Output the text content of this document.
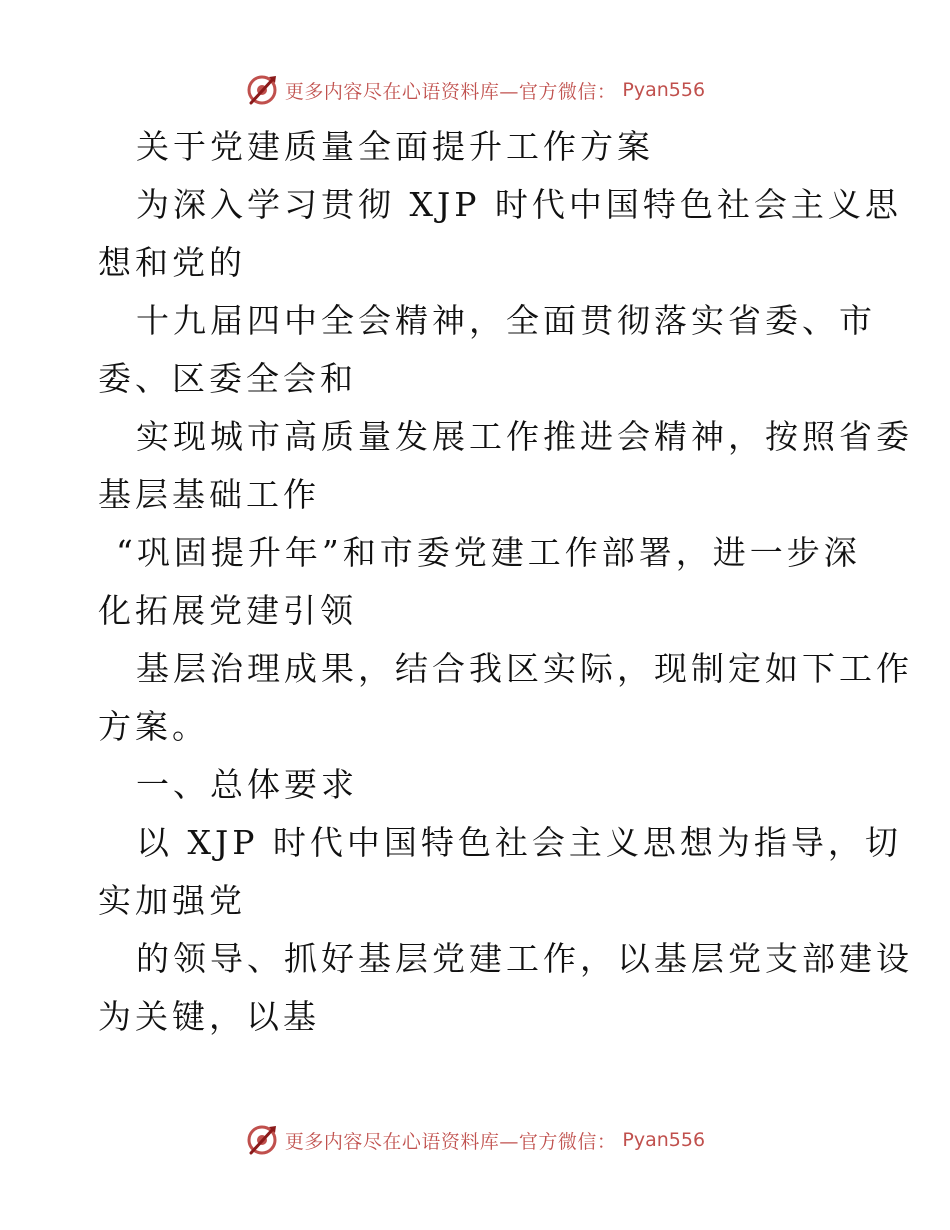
更多内容尽在心语资料库—官方微信： Pyan556
关于党建质量全面提升工作方案
为深入学习贯彻 XJP 时代中国特色社会主义思
想和党的
十九届四中全会精神，全面贯彻落实省委、市
委、区委全会和
实现城市高质量发展工作推进会精神，按照省委
基层基础工作
“巩固提升年”和市委党建工作部署，进一步深
化拓展党建引领
基层治理成果，结合我区实际，现制定如下工作
方案。
一、总体要求
以 XJP 时代中国特色社会主义思想为指导，切
实加强党
的领导、抓好基层党建工作，以基层党支部建设
为关键，以基
更多内容尽在心语资料库—官方微信： Pyan556
